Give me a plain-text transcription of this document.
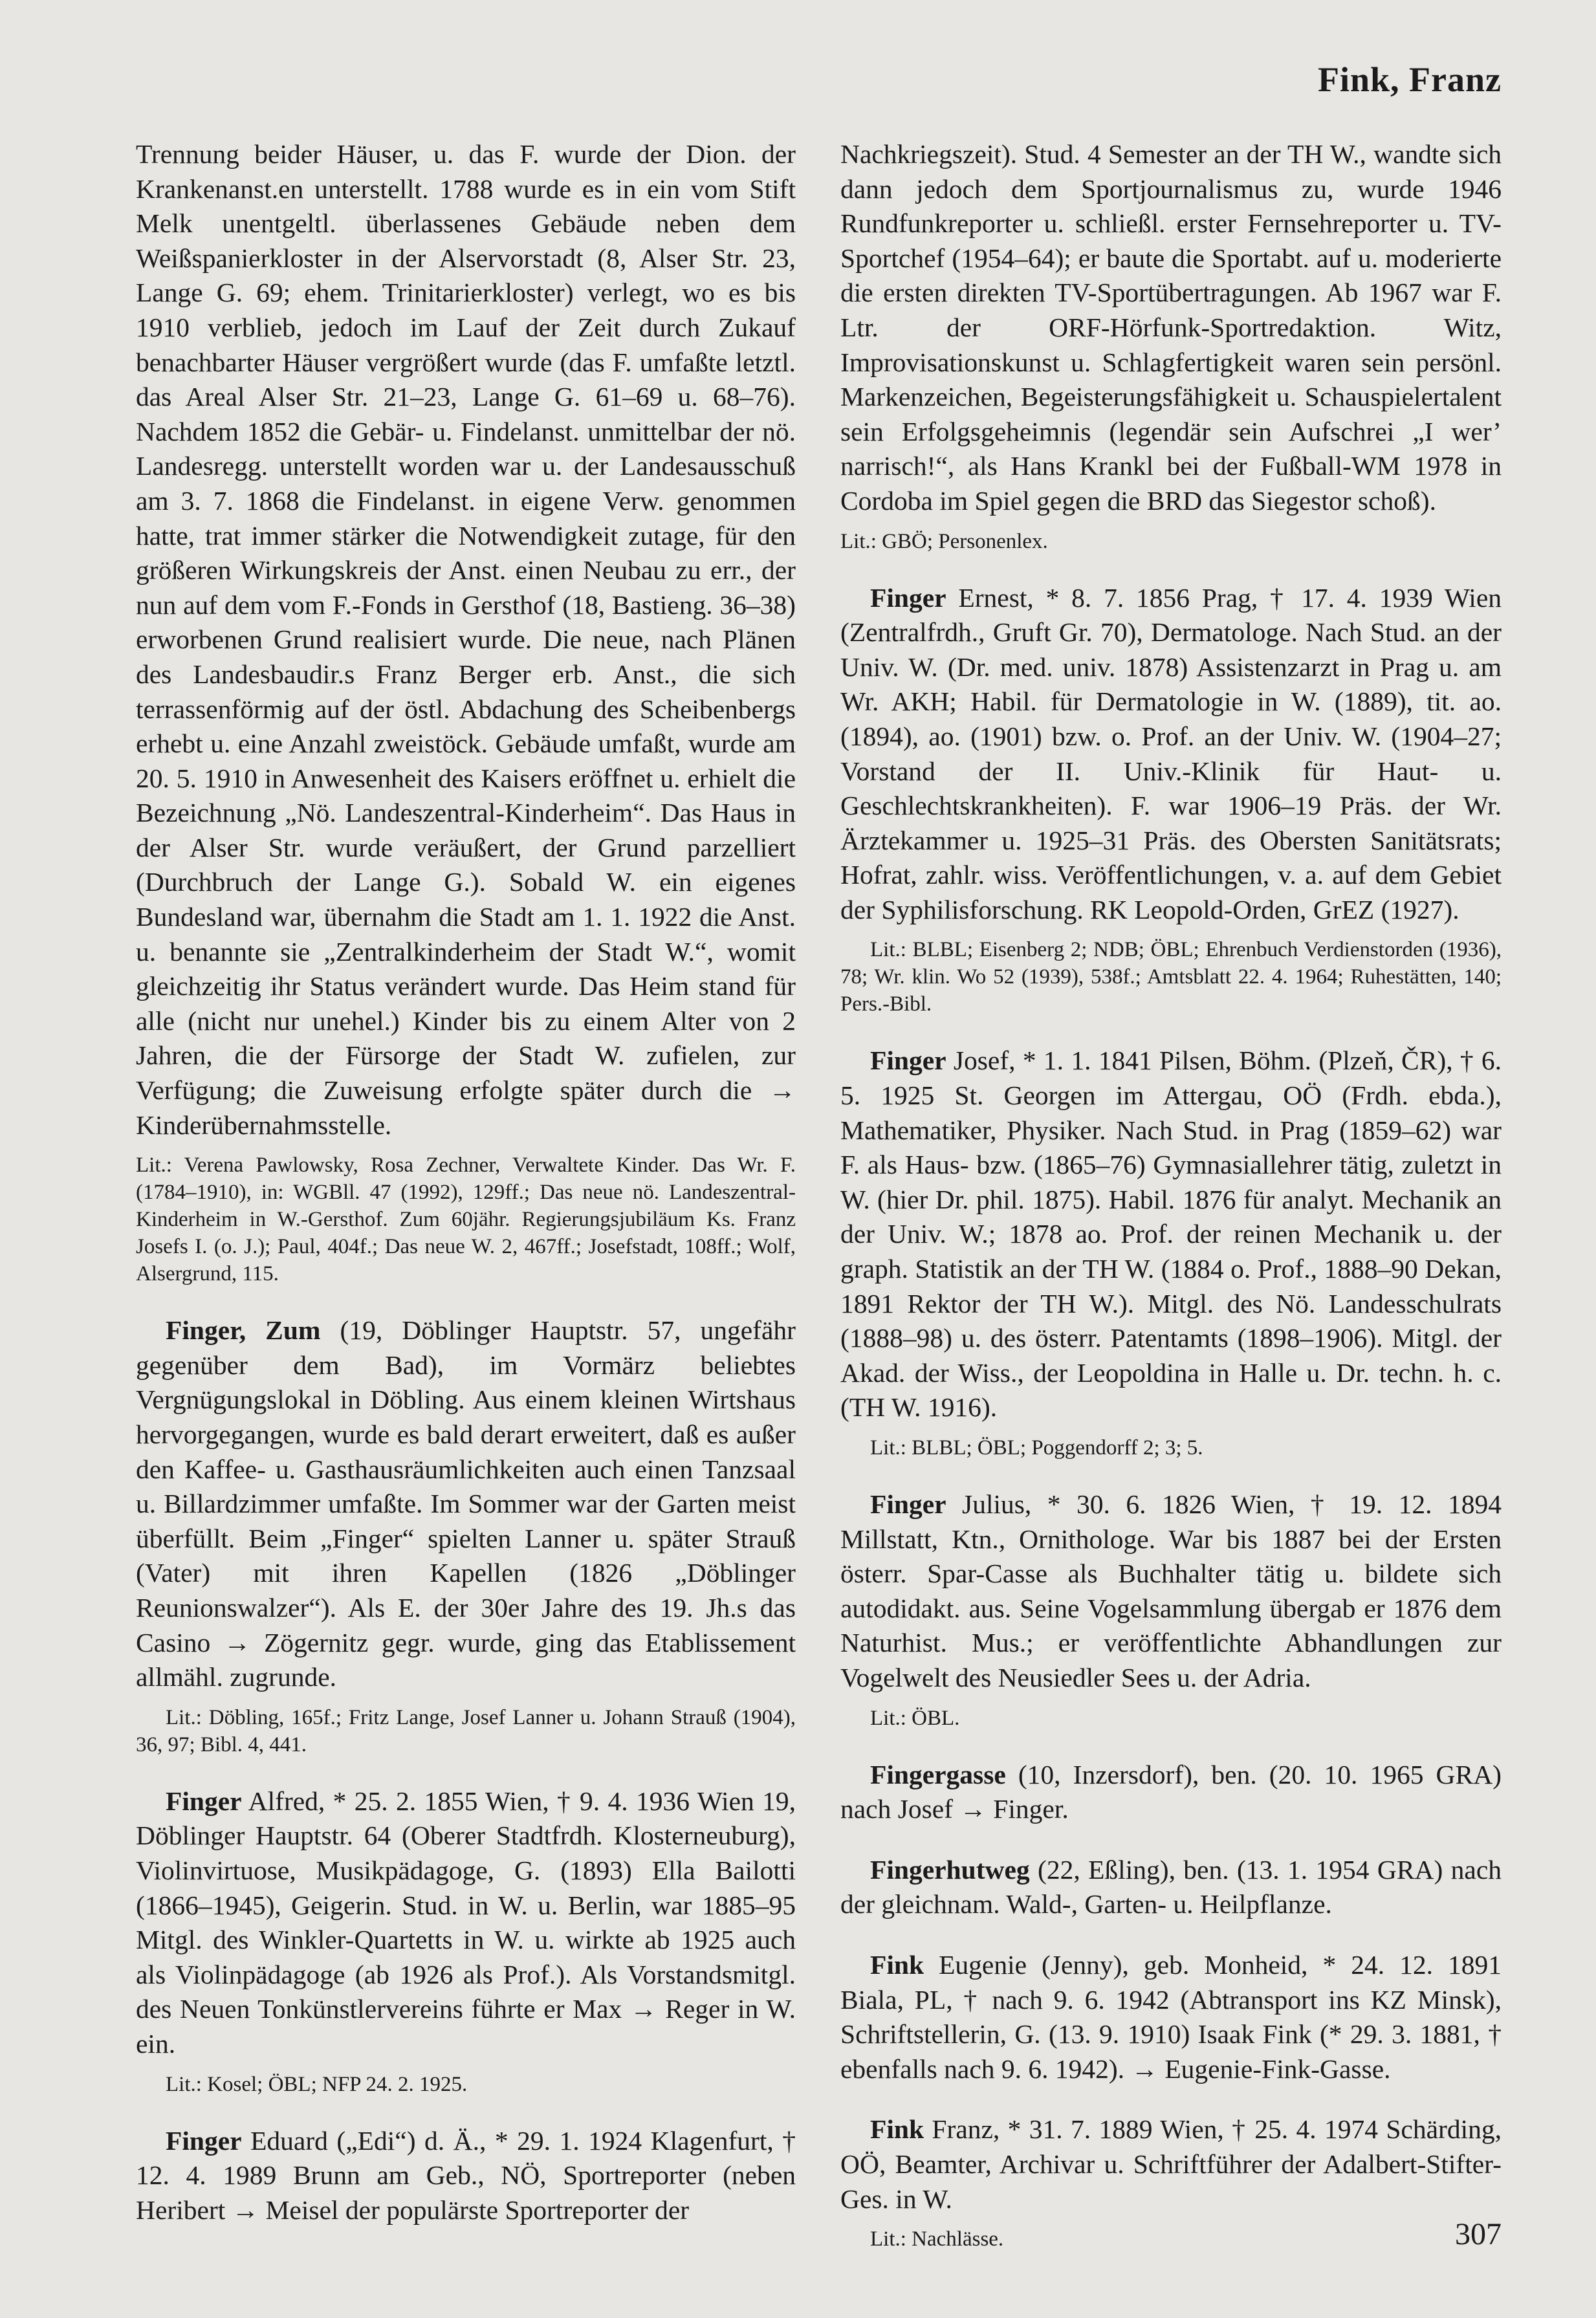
Fink, Franz

Trennung beider Häuser, u. das F. wurde der Dion. der Krankenanst.en unterstellt. 1788 wurde es in ein vom Stift Melk unentgeltl. überlassenes Gebäude neben dem Weißspanierkloster in der Alservorstadt (8, Alser Str. 23, Lange G. 69; ehem. Trinitarierkloster) verlegt, wo es bis 1910 verblieb, jedoch im Lauf der Zeit durch Zukauf benachbarter Häuser vergrößert wurde (das F. umfaßte letztl. das Areal Alser Str. 21–23, Lange G. 61–69 u. 68–76). Nachdem 1852 die Gebär- u. Findelanst. unmittelbar der nö. Landesregg. unterstellt worden war u. der Landesausschuß am 3. 7. 1868 die Findelanst. in eigene Verw. genommen hatte, trat immer stärker die Notwendigkeit zutage, für den größeren Wirkungskreis der Anst. einen Neubau zu err., der nun auf dem vom F.-Fonds in Gersthof (18, Bastieng. 36–38) erworbenen Grund realisiert wurde. Die neue, nach Plänen des Landesbaudir.s Franz Berger erb. Anst., die sich terrassenförmig auf der östl. Abdachung des Scheibenbergs erhebt u. eine Anzahl zweistöck. Gebäude umfaßt, wurde am 20. 5. 1910 in Anwesenheit des Kaisers eröffnet u. erhielt die Bezeichnung „Nö. Landeszentral-Kinderheim“. Das Haus in der Alser Str. wurde veräußert, der Grund parzelliert (Durchbruch der Lange G.). Sobald W. ein eigenes Bundesland war, übernahm die Stadt am 1. 1. 1922 die Anst. u. benannte sie „Zentralkinderheim der Stadt W.“, womit gleichzeitig ihr Status verändert wurde. Das Heim stand für alle (nicht nur unehel.) Kinder bis zu einem Alter von 2 Jahren, die der Fürsorge der Stadt W. zufielen, zur Verfügung; die Zuweisung erfolgte später durch die → Kinderübernahmsstelle.

Lit.: Verena Pawlowsky, Rosa Zechner, Verwaltete Kinder. Das Wr. F. (1784–1910), in: WGBll. 47 (1992), 129ff.; Das neue nö. Landeszentral-Kinderheim in W.-Gersthof. Zum 60jähr. Regierungsjubiläum Ks. Franz Josefs I. (o. J.); Paul, 404f.; Das neue W. 2, 467ff.; Josefstadt, 108ff.; Wolf, Alsergrund, 115.

Finger, Zum (19, Döblinger Hauptstr. 57, ungefähr gegenüber dem Bad), im Vormärz beliebtes Vergnügungslokal in Döbling. Aus einem kleinen Wirtshaus hervorgegangen, wurde es bald derart erweitert, daß es außer den Kaffee- u. Gasthausräumlichkeiten auch einen Tanzsaal u. Billardzimmer umfaßte. Im Sommer war der Garten meist überfüllt. Beim „Finger“ spielten Lanner u. später Strauß (Vater) mit ihren Kapellen (1826 „Döblinger Reunionswalzer“). Als E. der 30er Jahre des 19. Jh.s das Casino → Zögernitz gegr. wurde, ging das Etablissement allmähl. zugrunde.

Lit.: Döbling, 165f.; Fritz Lange, Josef Lanner u. Johann Strauß (1904), 36, 97; Bibl. 4, 441.

Finger Alfred, * 25. 2. 1855 Wien, † 9. 4. 1936 Wien 19, Döblinger Hauptstr. 64 (Oberer Stadtfrdh. Klosterneuburg), Violinvirtuose, Musikpädagoge, G. (1893) Ella Bailotti (1866–1945), Geigerin. Stud. in W. u. Berlin, war 1885–95 Mitgl. des Winkler-Quartetts in W. u. wirkte ab 1925 auch als Violinpädagoge (ab 1926 als Prof.). Als Vorstandsmitgl. des Neuen Tonkünstlervereins führte er Max → Reger in W. ein.

Lit.: Kosel; ÖBL; NFP 24. 2. 1925.

Finger Eduard („Edi“) d. Ä., * 29. 1. 1924 Klagenfurt, † 12. 4. 1989 Brunn am Geb., NÖ, Sportreporter (neben Heribert → Meisel der populärste Sportreporter der

Nachkriegszeit). Stud. 4 Semester an der TH W., wandte sich dann jedoch dem Sportjournalismus zu, wurde 1946 Rundfunkreporter u. schließl. erster Fernsehreporter u. TV-Sportchef (1954–64); er baute die Sportabt. auf u. moderierte die ersten direkten TV-Sportübertragungen. Ab 1967 war F. Ltr. der ORF-Hörfunk-Sportredaktion. Witz, Improvisationskunst u. Schlagfertigkeit waren sein persönl. Markenzeichen, Begeisterungsfähigkeit u. Schauspielertalent sein Erfolgsgeheimnis (legendär sein Aufschrei „I wer’ narrisch!“, als Hans Krankl bei der Fußball-WM 1978 in Cordoba im Spiel gegen die BRD das Siegestor schoß).

Lit.: GBÖ; Personenlex.

Finger Ernest, * 8. 7. 1856 Prag, † 17. 4. 1939 Wien (Zentralfrdh., Gruft Gr. 70), Dermatologe. Nach Stud. an der Univ. W. (Dr. med. univ. 1878) Assistenzarzt in Prag u. am Wr. AKH; Habil. für Dermatologie in W. (1889), tit. ao. (1894), ao. (1901) bzw. o. Prof. an der Univ. W. (1904–27; Vorstand der II. Univ.-Klinik für Haut- u. Geschlechtskrankheiten). F. war 1906–19 Präs. der Wr. Ärztekammer u. 1925–31 Präs. des Obersten Sanitätsrats; Hofrat, zahlr. wiss. Veröffentlichungen, v. a. auf dem Gebiet der Syphilisforschung. RK Leopold-Orden, GrEZ (1927).

Lit.: BLBL; Eisenberg 2; NDB; ÖBL; Ehrenbuch Verdienstorden (1936), 78; Wr. klin. Wo 52 (1939), 538f.; Amtsblatt 22. 4. 1964; Ruhestätten, 140; Pers.-Bibl.

Finger Josef, * 1. 1. 1841 Pilsen, Böhm. (Plzeň, ČR), † 6. 5. 1925 St. Georgen im Attergau, OÖ (Frdh. ebda.), Mathematiker, Physiker. Nach Stud. in Prag (1859–62) war F. als Haus- bzw. (1865–76) Gymnasiallehrer tätig, zuletzt in W. (hier Dr. phil. 1875). Habil. 1876 für analyt. Mechanik an der Univ. W.; 1878 ao. Prof. der reinen Mechanik u. der graph. Statistik an der TH W. (1884 o. Prof., 1888–90 Dekan, 1891 Rektor der TH W.). Mitgl. des Nö. Landesschulrats (1888–98) u. des österr. Patentamts (1898–1906). Mitgl. der Akad. der Wiss., der Leopoldina in Halle u. Dr. techn. h. c. (TH W. 1916).

Lit.: BLBL; ÖBL; Poggendorff 2; 3; 5.

Finger Julius, * 30. 6. 1826 Wien, † 19. 12. 1894 Millstatt, Ktn., Ornithologe. War bis 1887 bei der Ersten österr. Spar-Casse als Buchhalter tätig u. bildete sich autodidakt. aus. Seine Vogelsammlung übergab er 1876 dem Naturhist. Mus.; er veröffentlichte Abhandlungen zur Vogelwelt des Neusiedler Sees u. der Adria.

Lit.: ÖBL.

Fingergasse (10, Inzersdorf), ben. (20. 10. 1965 GRA) nach Josef → Finger.

Fingerhutweg (22, Eßling), ben. (13. 1. 1954 GRA) nach der gleichnam. Wald-, Garten- u. Heilpflanze.

Fink Eugenie (Jenny), geb. Monheid, * 24. 12. 1891 Biala, PL, † nach 9. 6. 1942 (Abtransport ins KZ Minsk), Schriftstellerin, G. (13. 9. 1910) Isaak Fink (* 29. 3. 1881, † ebenfalls nach 9. 6. 1942). → Eugenie-Fink-Gasse.

Fink Franz, * 31. 7. 1889 Wien, † 25. 4. 1974 Schärding, OÖ, Beamter, Archivar u. Schriftführer der Adalbert-Stifter-Ges. in W.

Lit.: Nachlässe.	307
